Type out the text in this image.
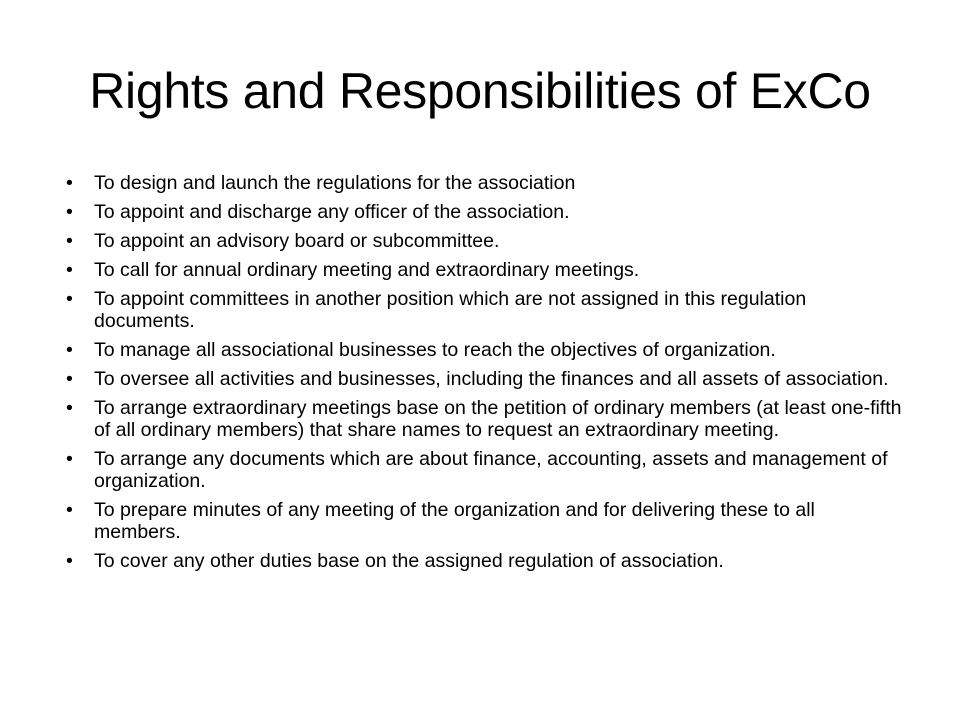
Rights and Responsibilities of ExCo
•	To design and launch the regulations for the association
•	To appoint and discharge any officer of the association.
•	To appoint an advisory board or subcommittee.
•	To call for annual ordinary meeting and extraordinary meetings.
•	To appoint committees in another position which are not assigned in this regulation documents.
•	To manage all associational businesses to reach the objectives of organization.
•	To oversee all activities and businesses, including the finances and all assets of association.
•	To arrange extraordinary meetings base on the petition of ordinary members (at least one-fifth of all ordinary members) that share names to request an extraordinary meeting.
•	To arrange any documents which are about finance, accounting, assets and management of organization.
•	To prepare minutes of any meeting of the organization and for delivering these to all members.
•	To cover any other duties base on the assigned regulation of association.
